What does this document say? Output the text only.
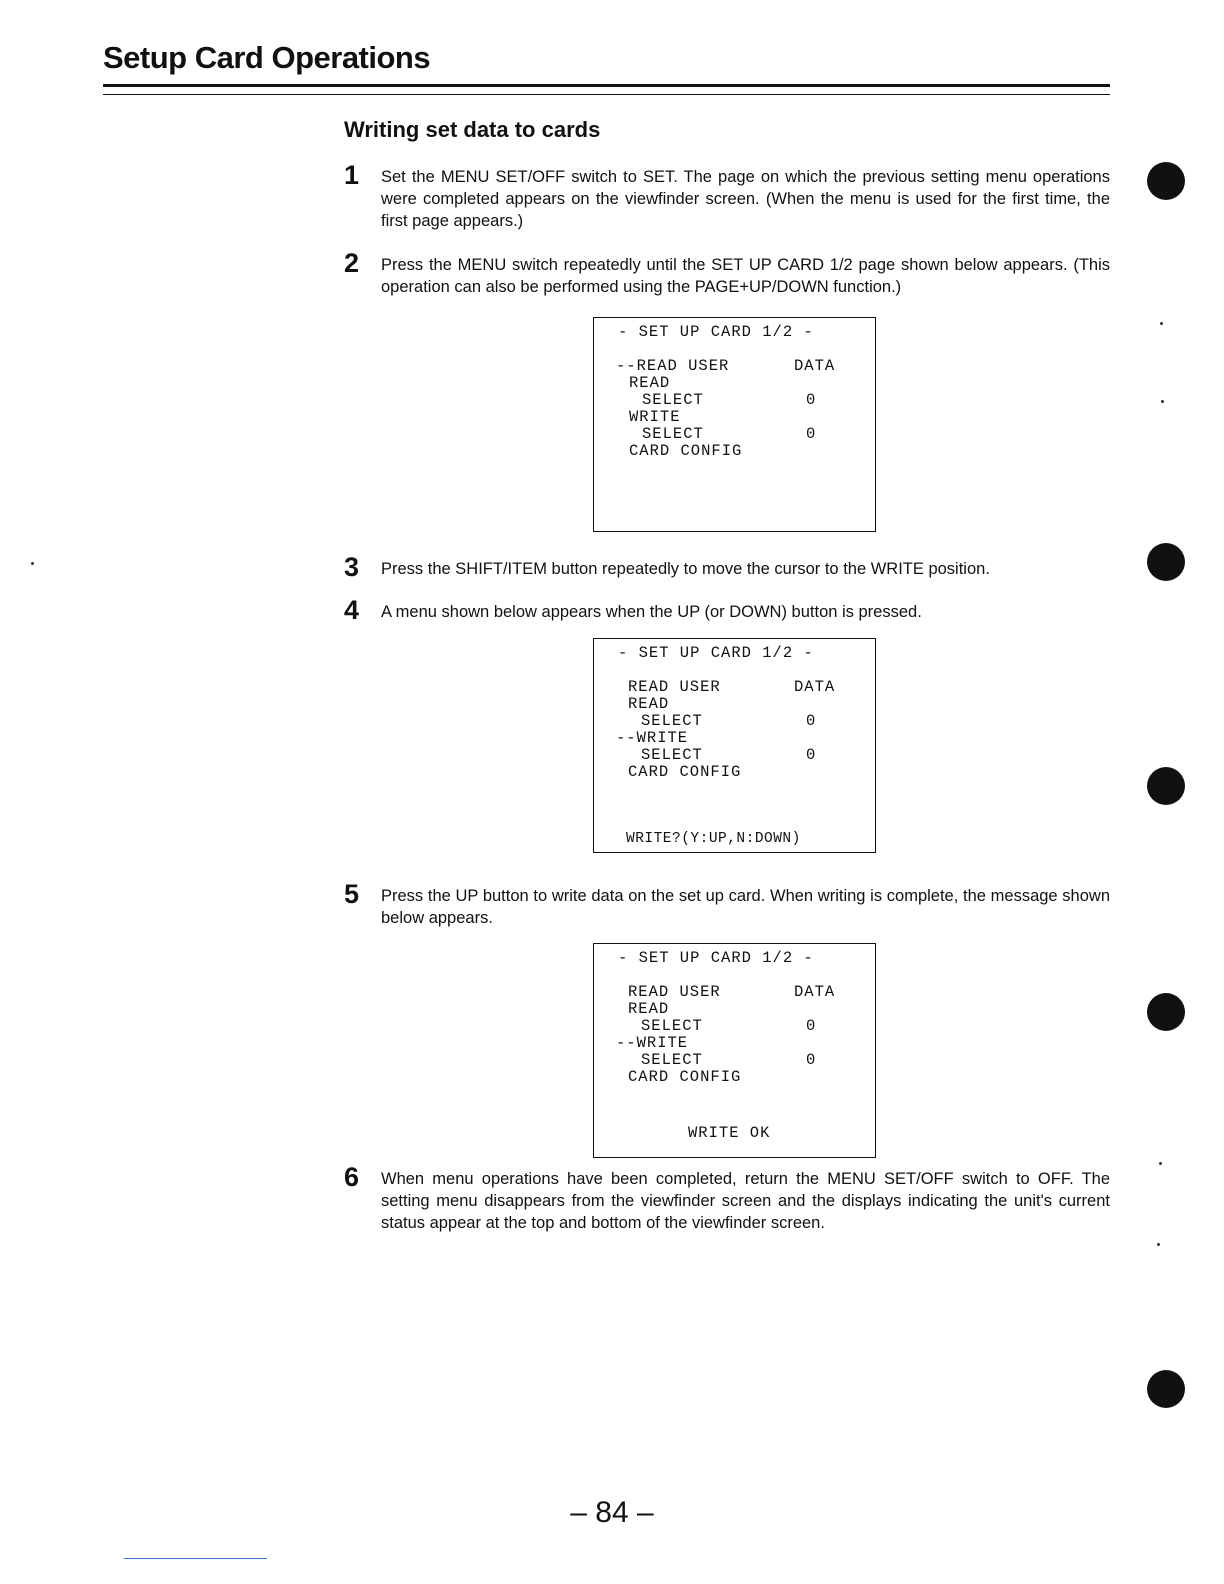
Setup Card Operations
Writing set data to cards
1 Set the MENU SET/OFF switch to SET. The page on which the previous setting menu operations were completed appears on the viewfinder screen. (When the menu is used for the first time, the first page appears.)
2 Press the MENU switch repeatedly until the SET UP CARD 1/2 page shown below appears. (This operation can also be performed using the PAGE+UP/DOWN function.)
- SET UP CARD 1/2 -
--READ USER	DATA
READ
SELECT	0
WRITE
SELECT	0
CARD CONFIG
3 Press the SHIFT/ITEM button repeatedly to move the cursor to the WRITE position.
4 A menu shown below appears when the UP (or DOWN) button is pressed.
- SET UP CARD 1/2 -
READ USER	DATA
READ
SELECT	0
--WRITE
SELECT	0
CARD CONFIG
WRITE?(Y:UP,N:DOWN)
5 Press the UP button to write data on the set up card. When writing is complete, the message shown below appears.
- SET UP CARD 1/2 -
READ USER	DATA
READ
SELECT	0
--WRITE
SELECT	0
CARD CONFIG
WRITE OK
6 When menu operations have been completed, return the MENU SET/OFF switch to OFF. The setting menu disappears from the viewfinder screen and the displays indicating the unit's current status appear at the top and bottom of the viewfinder screen.
– 84 –
